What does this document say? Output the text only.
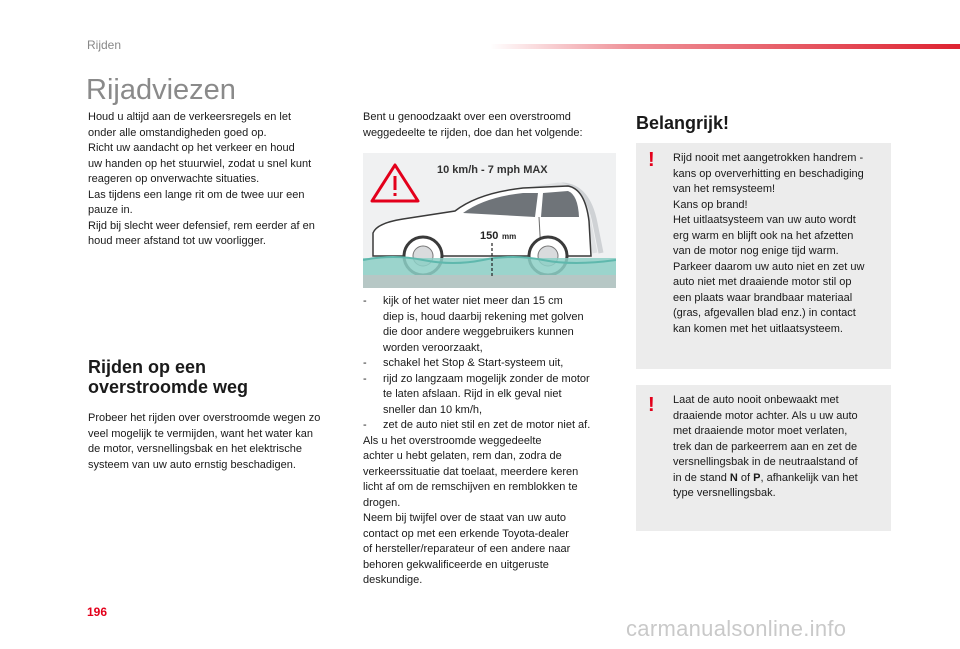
Rijden
Rijadviezen

Houd u altijd aan de verkeersregels en let

onder alle omstandigheden goed op.

Richt uw aandacht op het verkeer en houd

uw handen op het stuurwiel, zodat u snel kunt

reageren op onverwachte situaties.

Las tijdens een lange rit om de twee uur een

pauze in.

Rijd bij slecht weer defensief, rem eerder af en

houd meer afstand tot uw voorligger.

Rijden op een
overstroomde weg
Probeer het rijden over overstroomde wegen zo
veel mogelijk te vermijden, want het water kan
de motor, versnellingsbak en het elektrische
systeem van uw auto ernstig beschadigen.
Bent u genoodzaakt over een overstroomd
weggedeelte te rijden, doe dan het volgende:
10 km/h - 7 mph MAX
150 mm
- kijk of het water niet meer dan 15 cm
diep is, houd daarbij rekening met golven
die door andere weggebruikers kunnen
worden veroorzaakt,
- schakel het Stop & Start-systeem uit,
- rijd zo langzaam mogelijk zonder de motor
te laten afslaan. Rijd in elk geval niet
sneller dan 10 km/h,
- zet de auto niet stil en zet de motor niet af.
Als u het overstroomde weggedeelte
achter u hebt gelaten, rem dan, zodra de
verkeerssituatie dat toelaat, meerdere keren
licht af om de remschijven en remblokken te
drogen.
Neem bij twijfel over de staat van uw auto
contact op met een erkende Toyota-dealer
of hersteller/reparateur of een andere naar
behoren gekwalificeerde en uitgeruste
deskundige.
Belangrijk!
! Rijd nooit met aangetrokken handrem -
kans op oververhitting en beschadiging
van het remsysteem!
Kans op brand!
Het uitlaatsysteem van uw auto wordt
erg warm en blijft ook na het afzetten
van de motor nog enige tijd warm.
Parkeer daarom uw auto niet en zet uw
auto niet met draaiende motor stil op
een plaats waar brandbaar materiaal
(gras, afgevallen blad enz.) in contact
kan komen met het uitlaatsysteem.
! Laat de auto nooit onbewaakt met
draaiende motor achter. Als u uw auto
met draaiende motor moet verlaten,
trek dan de parkeerrem aan en zet de
versnellingsbak in de neutraalstand of
in de stand N of P, afhankelijk van het
type versnellingsbak.
196
carmanualsonline.info
